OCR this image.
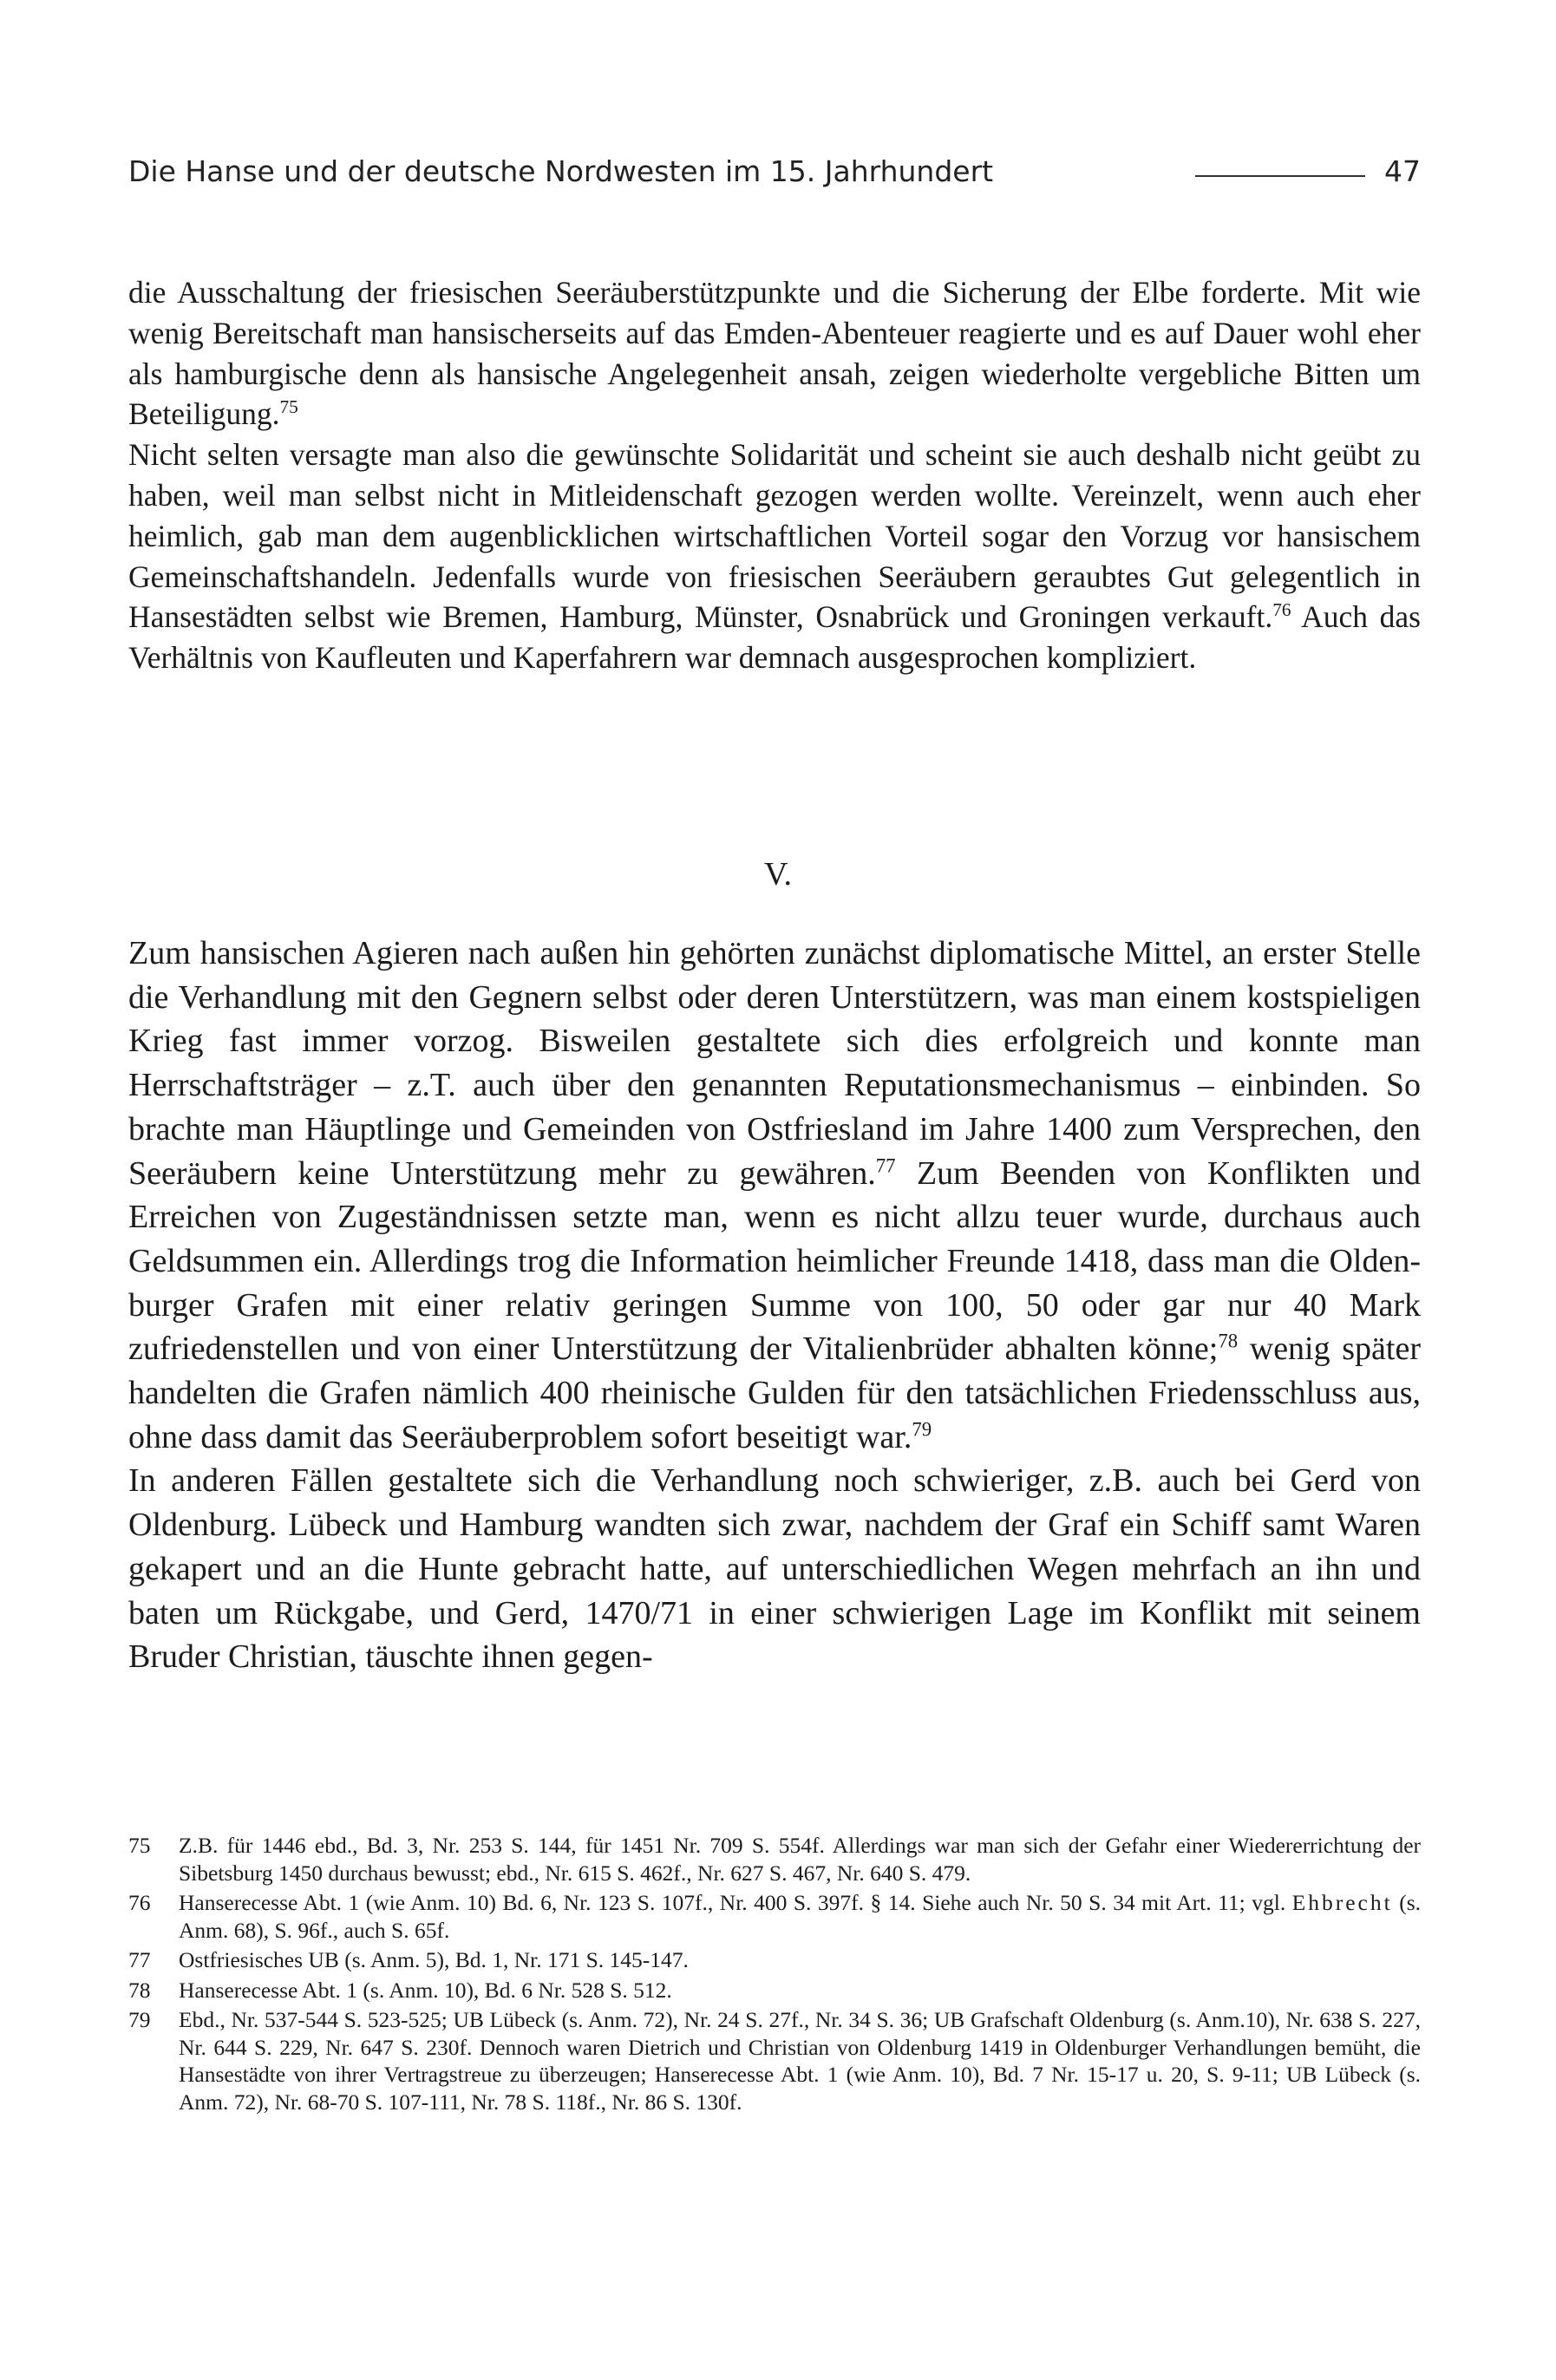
Die Hanse und der deutsche Nordwesten im 15. Jahrhundert	47

die Ausschaltung der friesischen Seeräuberstützpunkte und die Sicherung der Elbe forderte. Mit wie wenig Bereitschaft man hansischerseits auf das Emden-Abenteuer reagierte und es auf Dauer wohl eher als hamburgische denn als hansische Angelegenheit ansah, zeigen wiederholte vergebliche Bitten um Beteiligung.$^{75}$

Nicht selten versagte man also die gewünschte Solidarität und scheint sie auch deshalb nicht geübt zu haben, weil man selbst nicht in Mitleidenschaft gezogen werden wollte. Vereinzelt, wenn auch eher heimlich, gab man dem augenblicklichen wirtschaftlichen Vorteil sogar den Vorzug vor hansischem Gemeinschaftshandeln. Jedenfalls wurde von friesischen Seeräubern geraubtes Gut gelegentlich in Hansestädten selbst wie Bremen, Hamburg, Münster, Osnabrück und Groningen verkauft.$^{76}$ Auch das Verhältnis von Kaufleuten und Kaperfahrern war demnach ausgesprochen kompliziert.

V.

Zum hansischen Agieren nach außen hin gehörten zunächst diplomatische Mittel, an erster Stelle die Verhandlung mit den Gegnern selbst oder deren Unterstützern, was man einem kostspieligen Krieg fast immer vorzog. Bisweilen gestaltete sich dies erfolgreich und konnte man Herrschaftsträger – z.T. auch über den genannten Reputationsmechanismus – einbinden. So brachte man Häuptlinge und Gemeinden von Ostfriesland im Jahre 1400 zum Versprechen, den Seeräubern keine Unterstützung mehr zu gewähren.$^{77}$ Zum Beenden von Konflikten und Erreichen von Zugeständnissen setzte man, wenn es nicht allzu teuer wurde, durchaus auch Geldsummen ein. Allerdings trog die Information heimlicher Freunde 1418, dass man die Oldenburger Grafen mit einer relativ geringen Summe von 100, 50 oder gar nur 40 Mark zufriedenstellen und von einer Unterstützung der Vitalienbrüder abhalten könne;$^{78}$ wenig später handelten die Grafen nämlich 400 rheinische Gulden für den tatsächlichen Friedensschluss aus, ohne dass damit das Seeräuberproblem sofort beseitigt war.$^{79}$

In anderen Fällen gestaltete sich die Verhandlung noch schwieriger, z.B. auch bei Gerd von Oldenburg. Lübeck und Hamburg wandten sich zwar, nachdem der Graf ein Schiff samt Waren gekapert und an die Hunte gebracht hatte, auf unterschiedlichen Wegen mehrfach an ihn und baten um Rückgabe, und Gerd, 1470/71 in einer schwierigen Lage im Konflikt mit seinem Bruder Christian, täuschte ihnen gegen-

75	Z.B. für 1446 ebd., Bd. 3, Nr. 253 S. 144, für 1451 Nr. 709 S. 554f. Allerdings war man sich der Gefahr einer Wiedererrichtung der Sibetsburg 1450 durchaus bewusst; ebd., Nr. 615 S. 462f., Nr. 627 S. 467, Nr. 640 S. 479.
76	Hanserecesse Abt. 1 (wie Anm. 10) Bd. 6, Nr. 123 S. 107f., Nr. 400 S. 397f. § 14. Siehe auch Nr. 50 S. 34 mit Art. 11; vgl. Ehbrecht (s. Anm. 68), S. 96f., auch S. 65f.
77	Ostfriesisches UB (s. Anm. 5), Bd. 1, Nr. 171 S. 145-147.
78	Hanserecesse Abt. 1 (s. Anm. 10), Bd. 6 Nr. 528 S. 512.
79	Ebd., Nr. 537-544 S. 523-525; UB Lübeck (s. Anm. 72), Nr. 24 S. 27f., Nr. 34 S. 36; UB Grafschaft Oldenburg (s. Anm.10), Nr. 638 S. 227, Nr. 644 S. 229, Nr. 647 S. 230f. Dennoch waren Dietrich und Christian von Oldenburg 1419 in Oldenburger Verhandlungen bemüht, die Hansestädte von ihrer Vertragstreue zu überzeugen; Hanserecesse Abt. 1 (wie Anm. 10), Bd. 7 Nr. 15-17 u. 20, S. 9-11; UB Lübeck (s. Anm. 72), Nr. 68-70 S. 107-111, Nr. 78 S. 118f., Nr. 86 S. 130f.
